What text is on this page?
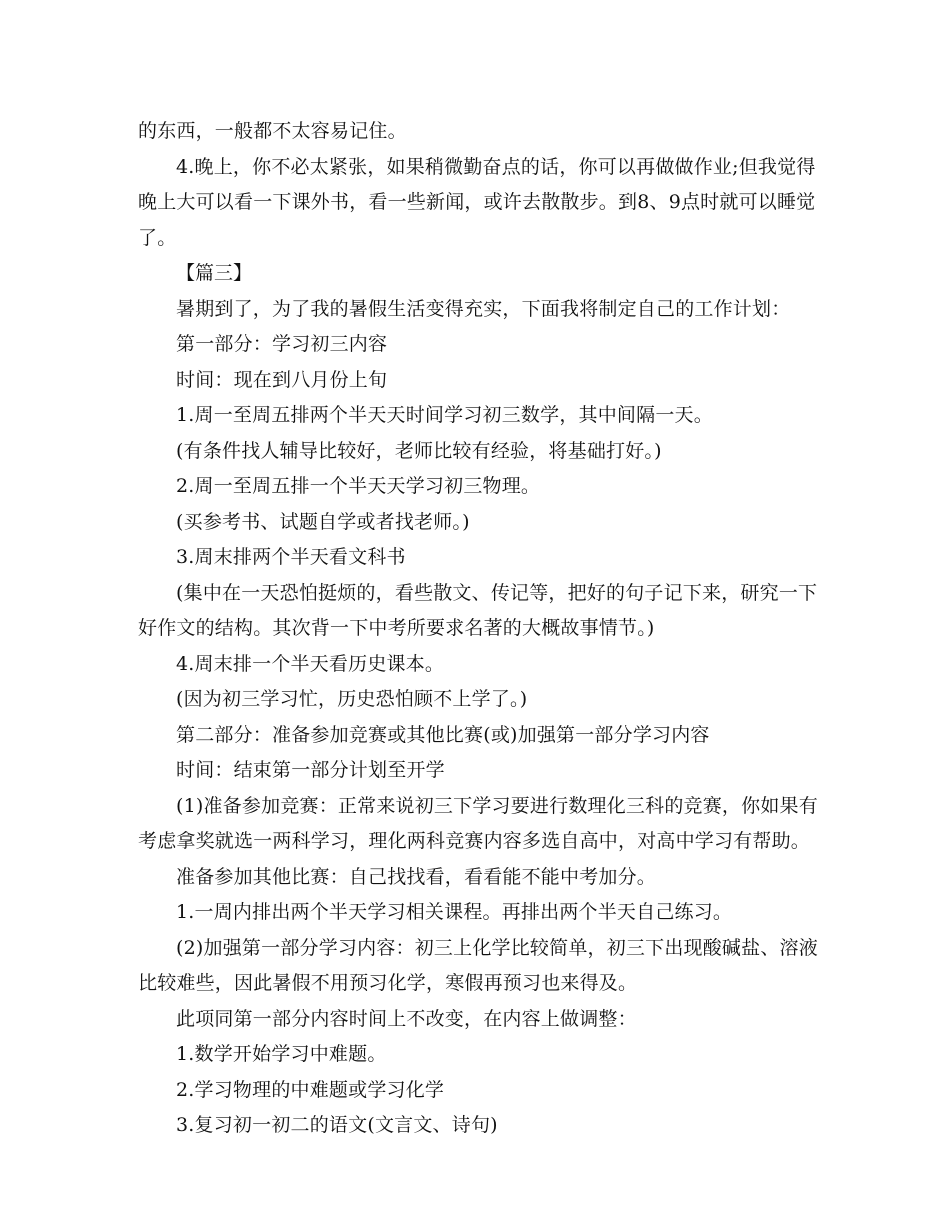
的东西，一般都不太容易记住。

4.晚上，你不必太紧张，如果稍微勤奋点的话，你可以再做做作业;但我觉得晚上大可以看一下课外书，看一些新闻，或许去散散步。到8、9点时就可以睡觉了。

【篇三】

暑期到了，为了我的暑假生活变得充实，下面我将制定自己的工作计划：

第一部分：学习初三内容

时间：现在到八月份上旬

1.周一至周五排两个半天天时间学习初三数学，其中间隔一天。

(有条件找人辅导比较好，老师比较有经验，将基础打好。)

2.周一至周五排一个半天天学习初三物理。

(买参考书、试题自学或者找老师。)

3.周末排两个半天看文科书

(集中在一天恐怕挺烦的，看些散文、传记等，把好的句子记下来，研究一下好作文的结构。其次背一下中考所要求名著的大概故事情节。)

4.周末排一个半天看历史课本。

(因为初三学习忙，历史恐怕顾不上学了。)

第二部分：准备参加竞赛或其他比赛(或)加强第一部分学习内容

时间：结束第一部分计划至开学

(1)准备参加竞赛：正常来说初三下学习要进行数理化三科的竞赛，你如果有考虑拿奖就选一两科学习，理化两科竞赛内容多选自高中，对高中学习有帮助。

准备参加其他比赛：自己找找看，看看能不能中考加分。

1.一周内排出两个半天学习相关课程。再排出两个半天自己练习。

(2)加强第一部分学习内容：初三上化学比较简单，初三下出现酸碱盐、溶液比较难些，因此暑假不用预习化学，寒假再预习也来得及。

此项同第一部分内容时间上不改变，在内容上做调整：

1.数学开始学习中难题。

2.学习物理的中难题或学习化学

3.复习初一初二的语文(文言文、诗句)
